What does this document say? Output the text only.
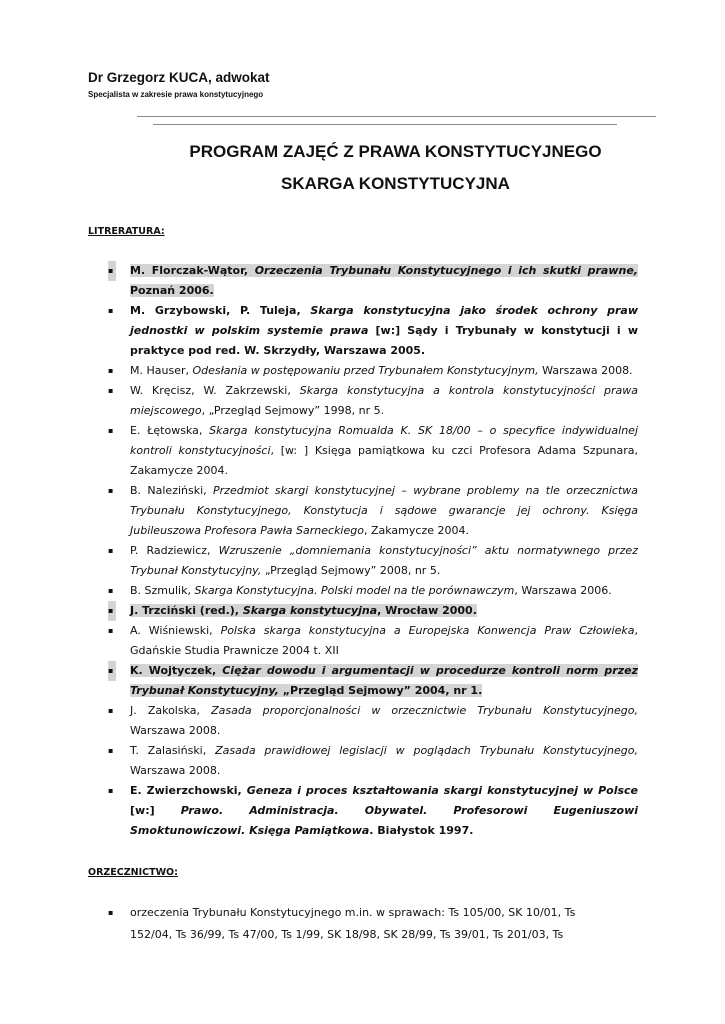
Dr Grzegorz KUCA, adwokat
Specjalista w zakresie prawa konstytucyjnego
PROGRAM ZAJĘĆ Z PRAWA KONSTYTUCYJNEGO
SKARGA KONSTYTUCYJNA
LITRERATURA:
▪ M. Florczak-Wątor, Orzeczenia Trybunału Konstytucyjnego i ich skutki prawne, Poznań 2006.
▪ M. Grzybowski, P. Tuleja, Skarga konstytucyjna jako środek ochrony praw jednostki w polskim systemie prawa [w:] Sądy i Trybunały w konstytucji i w praktyce pod red. W. Skrzydły, Warszawa 2005.
▪ M. Hauser, Odesłania w postępowaniu przed Trybunałem Konstytucyjnym, Warszawa 2008.
▪ W. Kręcisz, W. Zakrzewski, Skarga konstytucyjna a kontrola konstytucyjności prawa miejscowego, „Przegląd Sejmowy” 1998, nr 5.
▪ E. Łętowska, Skarga konstytucyjna Romualda K. SK 18/00 – o specyfice indywidualnej kontroli konstytucyjności, [w: ] Księga pamiątkowa ku czci Profesora Adama Szpunara, Zakamycze 2004.
▪ B. Naleziński, Przedmiot skargi konstytucyjnej – wybrane problemy na tle orzecznictwa Trybunału Konstytucyjnego, Konstytucja i sądowe gwarancje jej ochrony. Księga Jubileuszowa Profesora Pawła Sarneckiego, Zakamycze 2004.
▪ P. Radziewicz, Wzruszenie „domniemania konstytucyjności” aktu normatywnego przez Trybunał Konstytucyjny, „Przegląd Sejmowy” 2008, nr 5.
▪ B. Szmulik, Skarga Konstytucyjna. Polski model na tle porównawczym, Warszawa 2006.
▪ J. Trzciński (red.), Skarga konstytucyjna, Wrocław 2000.
▪ A. Wiśniewski, Polska skarga konstytucyjna a Europejska Konwencja Praw Człowieka, Gdańskie Studia Prawnicze 2004 t. XII
▪ K. Wojtyczek, Ciężar dowodu i argumentacji w procedurze kontroli norm przez Trybunał Konstytucyjny, „Przegląd Sejmowy” 2004, nr 1.
▪ J. Zakolska, Zasada proporcjonalności w orzecznictwie Trybunału Konstytucyjnego, Warszawa 2008.
▪ T. Zalasiński, Zasada prawidłowej legislacji w poglądach Trybunału Konstytucyjnego, Warszawa 2008.
▪ E. Zwierzchowski, Geneza i proces kształtowania skargi konstytucyjnej w Polsce [w:] Prawo. Administracja. Obywatel. Profesorowi Eugeniuszowi Smoktunowiczowi. Księga Pamiątkowa. Białystok 1997.
ORZECZNICTWO:
▪ orzeczenia Trybunału Konstytucyjnego m.in. w sprawach: Ts 105/00, SK 10/01, Ts 152/04, Ts 36/99, Ts 47/00, Ts 1/99, SK 18/98, SK 28/99, Ts 39/01, Ts 201/03, Ts
